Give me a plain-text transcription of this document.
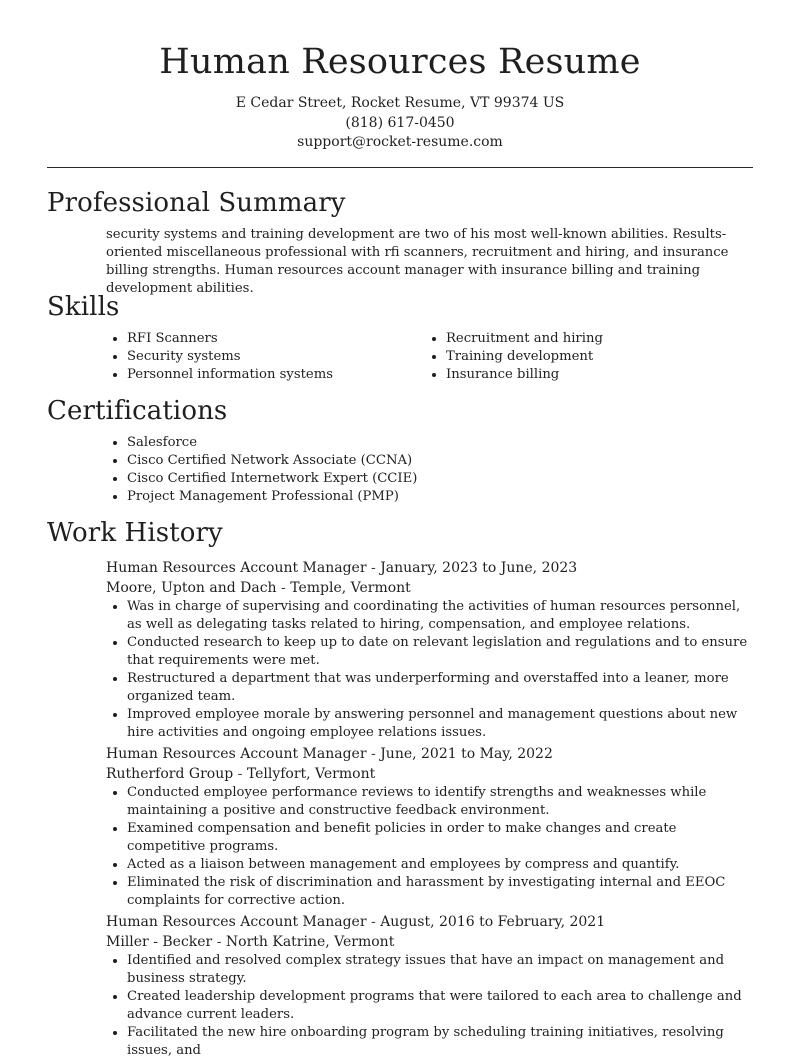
Human Resources Resume
E Cedar Street, Rocket Resume, VT 99374 US
(818) 617-0450
support@rocket-resume.com
Professional Summary

security systems and training development are two of his most well-known abilities. Results-oriented miscellaneous professional with rfi scanners, recruitment and hiring, and insurance billing strengths. Human resources account manager with insurance billing and training development abilities.

Skills
• RFI Scanners
• Security systems
• Personnel information systems
• Recruitment and hiring
• Training development
• Insurance billing
Certifications
• Salesforce
• Cisco Certified Network Associate (CCNA)
• Cisco Certified Internetwork Expert (CCIE)
• Project Management Professional (PMP)
Work History
Human Resources Account Manager - January, 2023 to June, 2023
Moore, Upton and Dach - Temple, Vermont
• Was in charge of supervising and coordinating the activities of human resources personnel, as well as delegating tasks related to hiring, compensation, and employee relations.
• Conducted research to keep up to date on relevant legislation and regulations and to ensure that requirements were met.
• Restructured a department that was underperforming and overstaffed into a leaner, more organized team.
• Improved employee morale by answering personnel and management questions about new hire activities and ongoing employee relations issues.
Human Resources Account Manager - June, 2021 to May, 2022
Rutherford Group - Tellyfort, Vermont
• Conducted employee performance reviews to identify strengths and weaknesses while maintaining a positive and constructive feedback environment.
• Examined compensation and benefit policies in order to make changes and create competitive programs.
• Acted as a liaison between management and employees by compress and quantify.
• Eliminated the risk of discrimination and harassment by investigating internal and EEOC complaints for corrective action.
Human Resources Account Manager - August, 2016 to February, 2021
Miller - Becker - North Katrine, Vermont
• Identified and resolved complex strategy issues that have an impact on management and business strategy.
• Created leadership development programs that were tailored to each area to challenge and advance current leaders.
• Facilitated the new hire onboarding program by scheduling training initiatives, resolving issues, and
